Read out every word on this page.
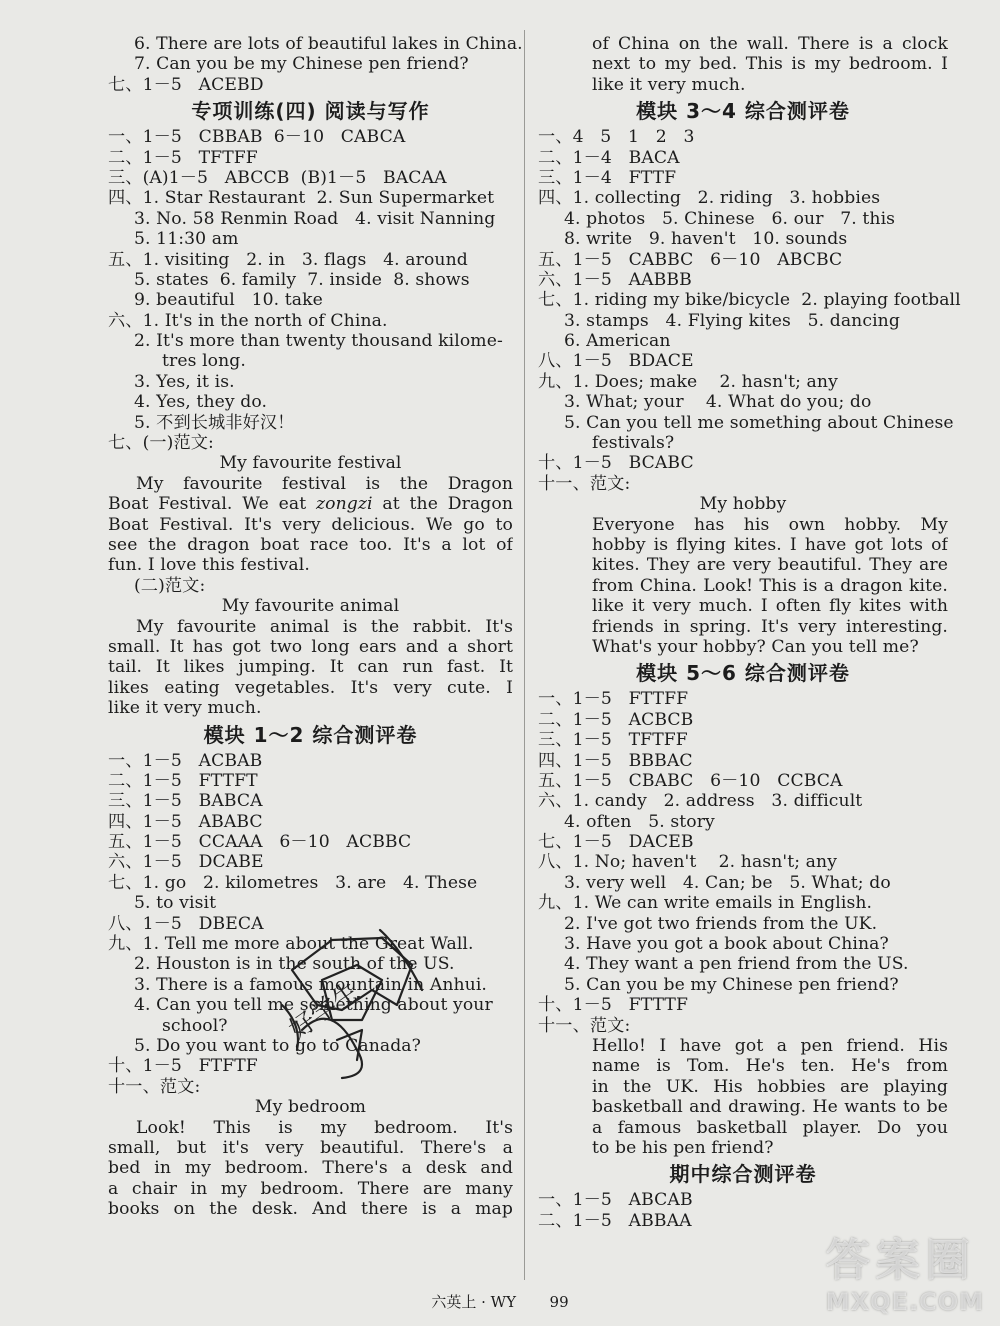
6. There are lots of beautiful lakes in China.
7. Can you be my Chinese pen friend?
七、1－5   ACEBD
专项训练(四) 阅读与写作
一、1－5   CBBAB  6－10   CABCA
二、1－5   TFTFF
三、(A)1－5   ABCCB  (B)1－5   BACAA
四、1. Star Restaurant  2. Sun Supermarket
3. No. 58 Renmin Road   4. visit Nanning
5. 11:30 am
五、1. visiting   2. in   3. flags   4. around
5. states  6. family  7. inside  8. shows
9. beautiful   10. take
六、1. It's in the north of China.
2. It's more than twenty thousand kilome-
tres long.
3. Yes, it is.
4. Yes, they do.
5. 不到长城非好汉！
七、(一)范文:
My favourite festival
My favourite festival is the Dragon
Boat Festival. We eat zongzi at the Dragon
Boat Festival. It's very delicious. We go to
see the dragon boat race too. It's a lot of
fun. I love this festival.
(二)范文:
My favourite animal
My favourite animal is the rabbit. It's
small. It has got two long ears and a short
tail. It likes jumping. It can run fast. It
likes eating vegetables. It's very cute. I
like it very much.
模块 1～2 综合测评卷
一、1－5   ACBAB
二、1－5   FTTFT
三、1－5   BABCA
四、1－5   ABABC
五、1－5   CCAAA   6－10   ACBBC
六、1－5   DCABE
七、1. go   2. kilometres   3. are   4. These
5. to visit
八、1－5   DBECA
九、1. Tell me more about the Great Wall.
2. Houston is in the south of the US.
3. There is a famous mountain in Anhui.
4. Can you tell me something about your
school?
5. Do you want to go to Canada?
十、1－5   FTFTF
十一、范文:
My bedroom
Look! This is my bedroom. It's
small, but it's very beautiful. There's a
bed in my bedroom. There's a desk and
a chair in my bedroom. There are many
books on the desk. And there is a map
of China on the wall. There is a clock
next to my bed. This is my bedroom. I
like it very much.
模块 3～4 综合测评卷
一、4   5   1   2   3
二、1－4   BACA
三、1－4   FTTF
四、1. collecting   2. riding   3. hobbies
4. photos   5. Chinese   6. our   7. this
8. write   9. haven't   10. sounds
五、1－5   CABBC   6－10   ABCBC
六、1－5   AABBB
七、1. riding my bike/bicycle  2. playing football
3. stamps   4. Flying kites   5. dancing
6. American
八、1－5   BDACE
九、1. Does; make    2. hasn't; any
3. What; your    4. What do you; do
5. Can you tell me something about Chinese
festivals?
十、1－5   BCABC
十一、范文:
My hobby
Everyone has his own hobby. My
hobby is flying kites. I have got lots of
kites. They are very beautiful. They are
from China. Look! This is a dragon kite.
like it very much. I often fly kites with
friends in spring. It's very interesting.
What's your hobby? Can you tell me?
模块 5～6 综合测评卷
一、1－5   FTTFF
二、1－5   ACBCB
三、1－5   TFTFF
四、1－5   BBBAC
五、1－5   CBABC   6－10   CCBCA
六、1. candy   2. address   3. difficult
4. often   5. story
七、1－5   DACEB
八、1. No; haven't    2. hasn't; any
3. very well   4. Can; be   5. What; do
九、1. We can write emails in English.
2. I've got two friends from the UK.
3. Have you got a book about China?
4. They want a pen friend from the US.
5. Can you be my Chinese pen friend?
十、1－5   FTTTF
十一、范文:
Hello! I have got a pen friend. His
name is Tom. He's ten. He's from
in the UK. His hobbies are playing
basketball and drawing. He wants to be
a famous basketball player. Do you
to be his pen friend?
期中综合测评卷
一、1－5   ABCAB
二、1－5   ABBAA
好学生
六英上 · WY 99
答案圈
MXQE.COM
